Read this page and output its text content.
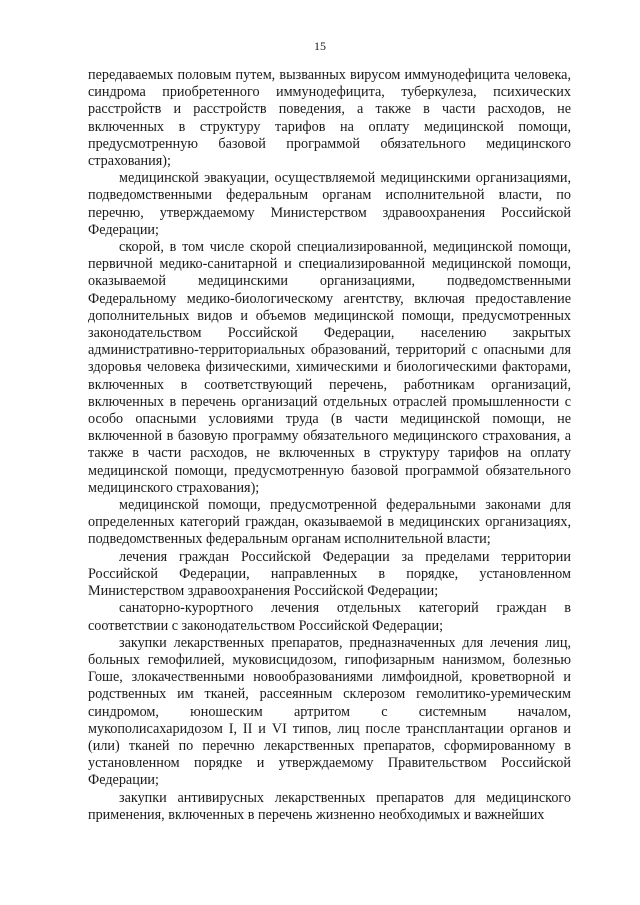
15

передаваемых половым путем, вызванных вирусом иммунодефицита человека, синдрома приобретенного иммунодефицита, туберкулеза, психических расстройств и расстройств поведения, а также в части расходов, не включенных в структуру тарифов на оплату медицинской помощи, предусмотренную базовой программой обязательного медицинского страхования);

медицинской эвакуации, осуществляемой медицинскими организациями, подведомственными федеральным органам исполнительной власти, по перечню, утверждаемому Министерством здравоохранения Российской Федерации;

скорой, в том числе скорой специализированной, медицинской помощи, первичной медико-санитарной и специализированной медицинской помощи, оказываемой медицинскими организациями, подведомственными Федеральному медико-биологическому агентству, включая предоставление дополнительных видов и объемов медицинской помощи, предусмотренных законодательством Российской Федерации, населению закрытых административно-территориальных образований, территорий с опасными для здоровья человека физическими, химическими и биологическими факторами, включенных в соответствующий перечень, работникам организаций, включенных в перечень организаций отдельных отраслей промышленности с особо опасными условиями труда (в части медицинской помощи, не включенной в базовую программу обязательного медицинского страхования, а также в части расходов, не включенных в структуру тарифов на оплату медицинской помощи, предусмотренную базовой программой обязательного медицинского страхования);

медицинской помощи, предусмотренной федеральными законами для определенных категорий граждан, оказываемой в медицинских организациях, подведомственных федеральным органам исполнительной власти;

лечения граждан Российской Федерации за пределами территории Российской Федерации, направленных в порядке, установленном Министерством здравоохранения Российской Федерации;

санаторно-курортного лечения отдельных категорий граждан в соответствии с законодательством Российской Федерации;

закупки лекарственных препаратов, предназначенных для лечения лиц, больных гемофилией, муковисцидозом, гипофизарным нанизмом, болезнью Гоше, злокачественными новообразованиями лимфоидной, кроветворной и родственных им тканей, рассеянным склерозом гемолитико-уремическим синдромом, юношеским артритом с системным началом, мукополисахаридозом I, II и VI типов, лиц после трансплантации органов и (или) тканей по перечню лекарственных препаратов, сформированному в установленном порядке и утверждаемому Правительством Российской Федерации;

закупки антивирусных лекарственных препаратов для медицинского применения, включенных в перечень жизненно необходимых и важнейших
